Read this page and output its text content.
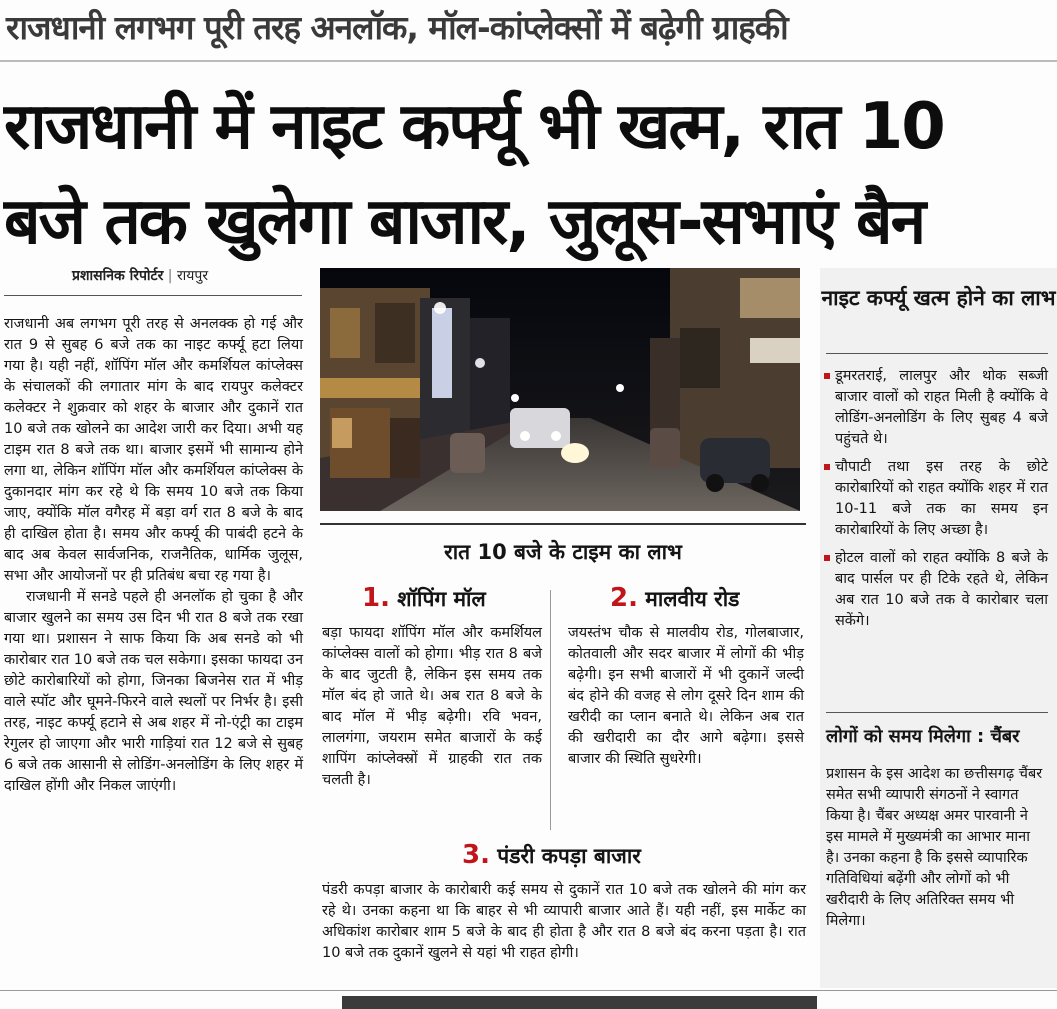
राजधानी लगभग पूरी तरह अनलॉक, मॉल-कांप्लेक्सों में बढ़ेगी ग्राहकी
राजधानी में नाइट कर्फ्यू भी खत्म, रात 10
बजे तक खुलेगा बाजार, जुलूस-सभाएं बैन
प्रशासनिक रिपोर्टर | रायपुर

राजधानी अब लगभग पूरी तरह से अनलक्क हो गई और रात 9 से सुबह 6 बजे तक का नाइट कर्फ्यू हटा लिया गया है। यही नहीं, शॉपिंग मॉल और कमर्शियल कांप्लेक्स के संचालकों की लगातार मांग के बाद रायपुर कलेक्टर कलेक्टर ने शुक्रवार को शहर के बाजार और दुकानें रात 10 बजे तक खोलने का आदेश जारी कर दिया। अभी यह टाइम रात 8 बजे तक था। बाजार इसमें भी सामान्य होने लगा था, लेकिन शॉपिंग मॉल और कमर्शियल कांप्लेक्स के दुकानदार मांग कर रहे थे कि समय 10 बजे तक किया जाए, क्योंकि मॉल वगैरह में बड़ा वर्ग रात 8 बजे के बाद ही दाखिल होता है। समय और कर्फ्यू की पाबंदी हटने के बाद अब केवल सार्वजनिक, राजनैतिक, धार्मिक जुलूस, सभा और आयोजनों पर ही प्रतिबंध बचा रह गया है।

राजधानी में सनडे पहले ही अनलॉक हो चुका है और बाजार खुलने का समय उस दिन भी रात 8 बजे तक रखा गया था। प्रशासन ने साफ किया कि अब सनडे को भी कारोबार रात 10 बजे तक चल सकेगा। इसका फायदा उन छोटे कारोबारियों को होगा, जिनका बिजनेस रात में भीड़ वाले स्पॉट और घूमने-फिरने वाले स्थलों पर निर्भर है। इसी तरह, नाइट कर्फ्यू हटाने से अब शहर में नो-एंट्री का टाइम रेगुलर हो जाएगा और भारी गाड़ियां रात 12 बजे से सुबह 6 बजे तक आसानी से लोडिंग-अनलोडिंग के लिए शहर में दाखिल होंगी और निकल जाएंगी।

रात 10 बजे के टाइम का लाभ
1. शॉपिंग मॉल
बड़ा फायदा शॉपिंग मॉल और कमर्शियल कांप्लेक्स वालों को होगा। भीड़ रात 8 बजे के बाद जुटती है, लेकिन इस समय तक मॉल बंद हो जाते थे। अब रात 8 बजे के बाद मॉल में भीड़ बढ़ेगी। रवि भवन, लालगंगा, जयराम समेत बाजारों के कई शापिंग कांप्लेक्स्रों में ग्राहकी रात तक चलती है।
2. मालवीय रोड
जयस्तंभ चौक से मालवीय रोड, गोलबाजार, कोतवाली और सदर बाजार में लोगों की भीड़ बढ़ेगी। इन सभी बाजारों में भी दुकानें जल्दी बंद होने की वजह से लोग दूसरे दिन शाम की खरीदी का प्लान बनाते थे। लेकिन अब रात की खरीदारी का दौर आगे बढ़ेगा। इससे बाजार की स्थिति सुधरेगी।
3. पंडरी कपड़ा बाजार
पंडरी कपड़ा बाजार के कारोबारी कई समय से दुकानें रात 10 बजे तक खोलने की मांग कर रहे थे। उनका कहना था कि बाहर से भी व्यापारी बाजार आते हैं। यही नहीं, इस मार्केट का अधिकांश कारोबार शाम 5 बजे के बाद ही होता है और रात 8 बजे बंद करना पड़ता है। रात 10 बजे तक दुकानें खुलने से यहां भी राहत होगी।
नाइट कर्फ्यू खत्म होने का लाभ
डूमरतराई, लालपुर और थोक सब्जी बाजार वालों को राहत मिली है क्योंकि वे लोडिंग-अनलोडिंग के लिए सुबह 4 बजे पहुंचते थे।
चौपाटी तथा इस तरह के छोटे कारोबारियों को राहत क्योंकि शहर में रात 10-11 बजे तक का समय इन कारोबारियों के लिए अच्छा है।
होटल वालों को राहत क्योंकि 8 बजे के बाद पार्सल पर ही टिके रहते थे, लेकिन अब रात 10 बजे तक वे कारोबार चला सकेंगे।
लोगों को समय मिलेगा : चैंबर
प्रशासन के इस आदेश का छत्तीसगढ़ चैंबर समेत सभी व्यापारी संगठनों ने स्वागत किया है। चैंबर अध्यक्ष अमर पारवानी ने इस मामले में मुख्यमंत्री का आभार माना है। उनका कहना है कि इससे व्यापारिक गतिविधियां बढ़ेंगी और लोगों को भी खरीदारी के लिए अतिरिक्त समय भी मिलेगा।
